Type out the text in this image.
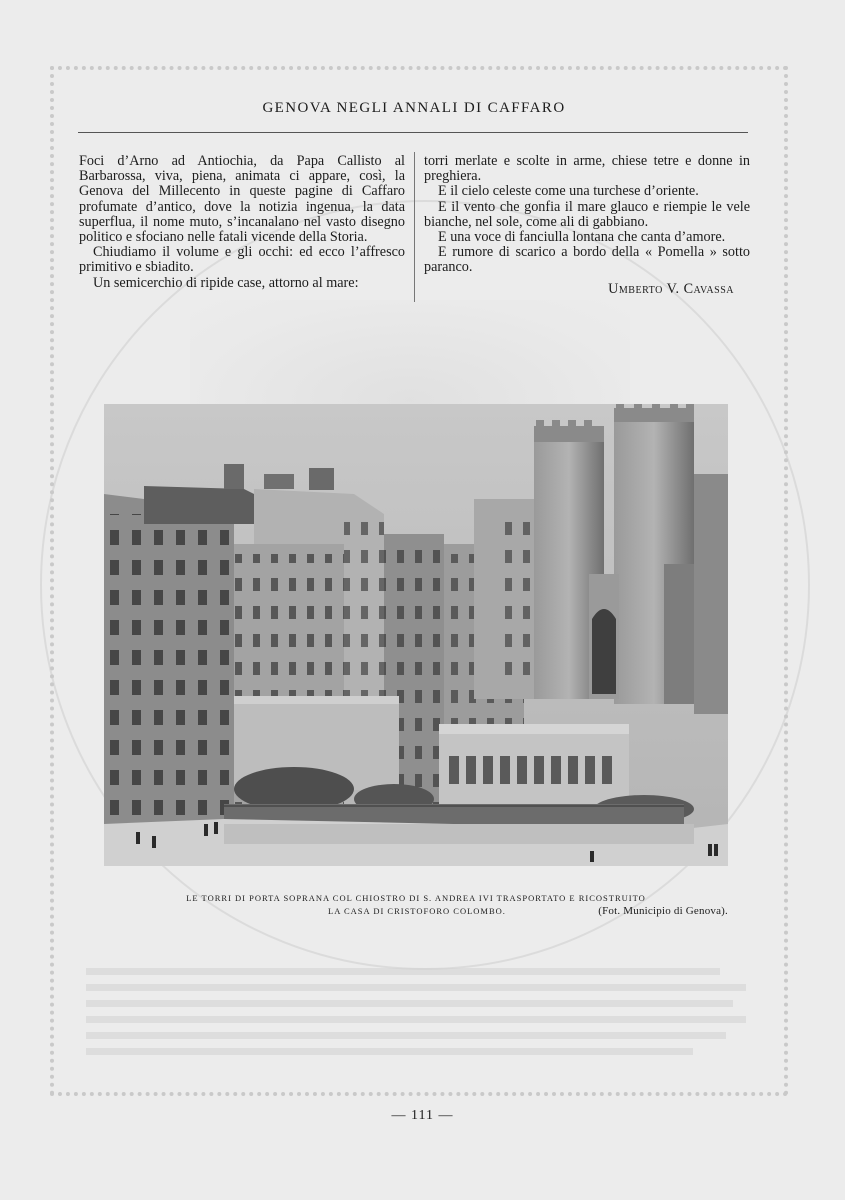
GENOVA NEGLI ANNALI DI CAFFARO

Foci d’Arno ad Antiochia, da Papa Callisto al Barbarossa, viva, piena, animata ci appare, così, la Genova del Millecento in queste pagine di Caffaro profumate d’antico, dove la notizia ingenua, la data superflua, il nome muto, s’incanalano nel vasto disegno politico e sfociano nelle fatali vicende della Storia.

Chiudiamo il volume e gli occhi: ed ecco l’affresco primitivo e sbiadito.

Un semicerchio di ripide case, attorno al mare:

torri merlate e scolte in arme, chiese tetre e donne in preghiera.

E il cielo celeste come una turchese d’oriente.

E il vento che gonfia il mare glauco e riempie le vele bianche, nel sole, come ali di gabbiano.

E una voce di fanciulla lontana che canta d’amore.

E rumore di scarico a bordo della « Pomella » sotto paranco.

Umberto V. Cavassa
LE TORRI DI PORTA SOPRANA COL CHIOSTRO DI S. ANDREA IVI TRASPORTATO E RICOSTRUITO
LA CASA DI CRISTOFORO COLOMBO.	(Fot. Municipio di Genova).
— 111 —
